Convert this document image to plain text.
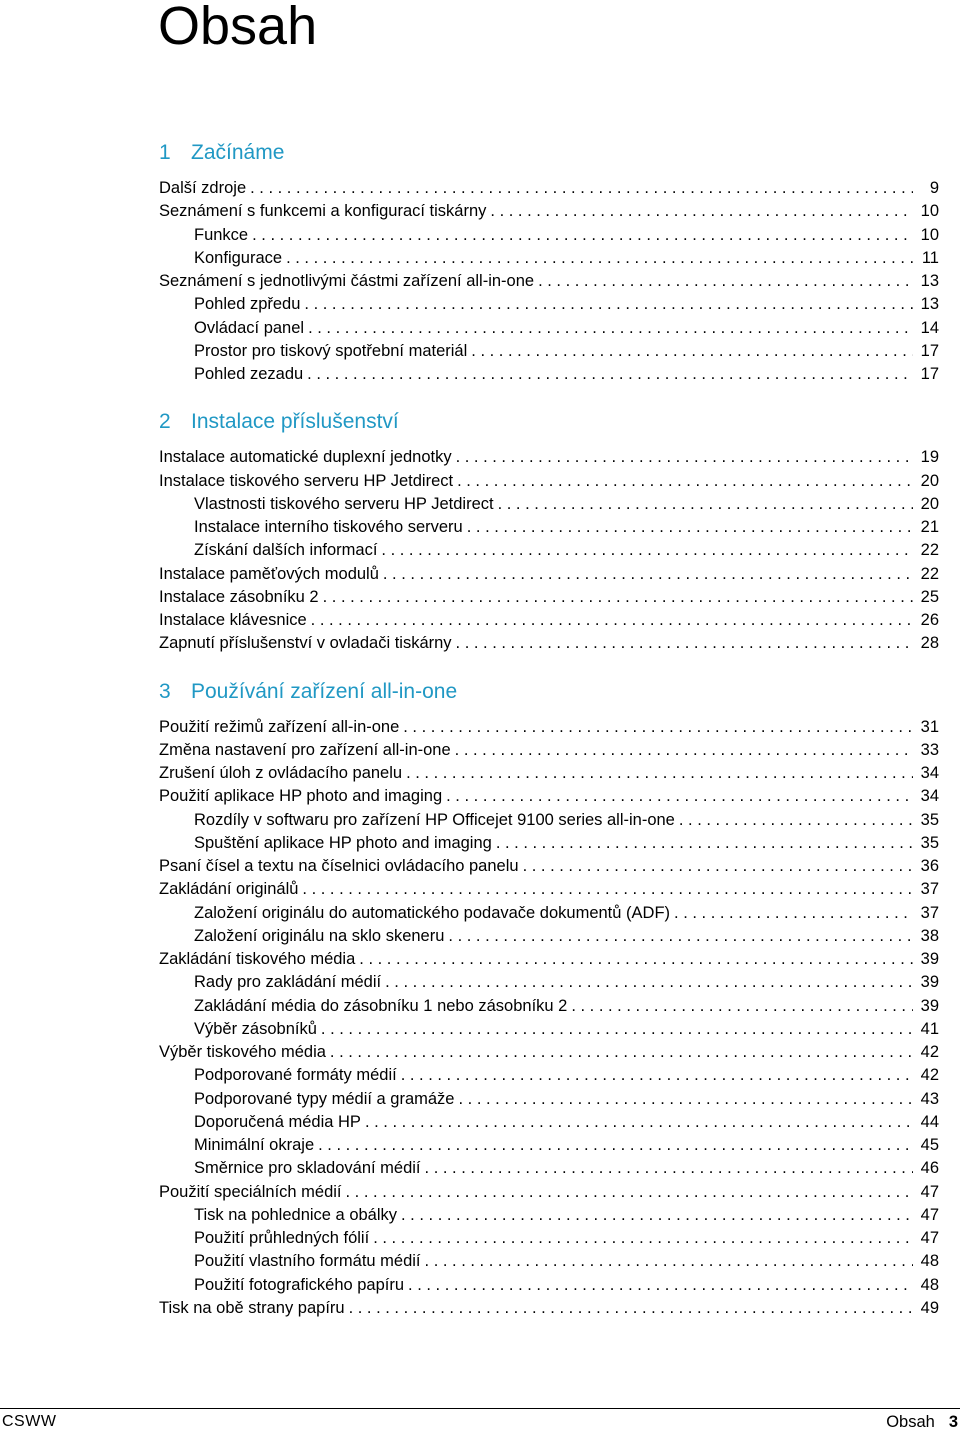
Obsah
1 Začínáme
Další zdroje . . .	9
Seznámení s funkcemi a konfigurací tiskárny . . .	10
Funkce . . .	10
Konfigurace . . .	11
Seznámení s jednotlivými částmi zařízení all-in-one . . .	13
Pohled zpředu . . .	13
Ovládací panel . . .	14
Prostor pro tiskový spotřební materiál . . .	17
Pohled zezadu . . .	17
2 Instalace příslušenství
Instalace automatické duplexní jednotky . . .	19
Instalace tiskového serveru HP Jetdirect . . .	20
Vlastnosti tiskového serveru HP Jetdirect . . .	20
Instalace interního tiskového serveru . . .	21
Získání dalších informací . . .	22
Instalace paměťových modulů . . .	22
Instalace zásobníku 2 . . .	25
Instalace klávesnice . . .	26
Zapnutí příslušenství v ovladači tiskárny . . .	28
3 Používání zařízení all-in-one
Použití režimů zařízení all-in-one . . .	31
Změna nastavení pro zařízení all-in-one . . .	33
Zrušení úloh z ovládacího panelu . . .	34
Použití aplikace HP photo and imaging . . .	34
Rozdíly v softwaru pro zařízení HP Officejet 9100 series all-in-one . . .	35
Spuštění aplikace HP photo and imaging . . .	35
Psaní čísel a textu na číselnici ovládacího panelu . . .	36
Zakládání originálů . . .	37
Založení originálu do automatického podavače dokumentů (ADF) . . .	37
Založení originálu na sklo skeneru . . .	38
Zakládání tiskového média . . .	39
Rady pro zakládání médií . . .	39
Zakládání média do zásobníku 1 nebo zásobníku 2 . . .	39
Výběr zásobníků . . .	41
Výběr tiskového média . . .	42
Podporované formáty médií . . .	42
Podporované typy médií a gramáže . . .	43
Doporučená média HP . . .	44
Minimální okraje . . .	45
Směrnice pro skladování médií . . .	46
Použití speciálních médií . . .	47
Tisk na pohlednice a obálky . . .	47
Použití průhledných fólií . . .	47
Použití vlastního formátu médií . . .	48
Použití fotografického papíru . . .	48
Tisk na obě strany papíru . . .	49
CSWW	Obsah 3
